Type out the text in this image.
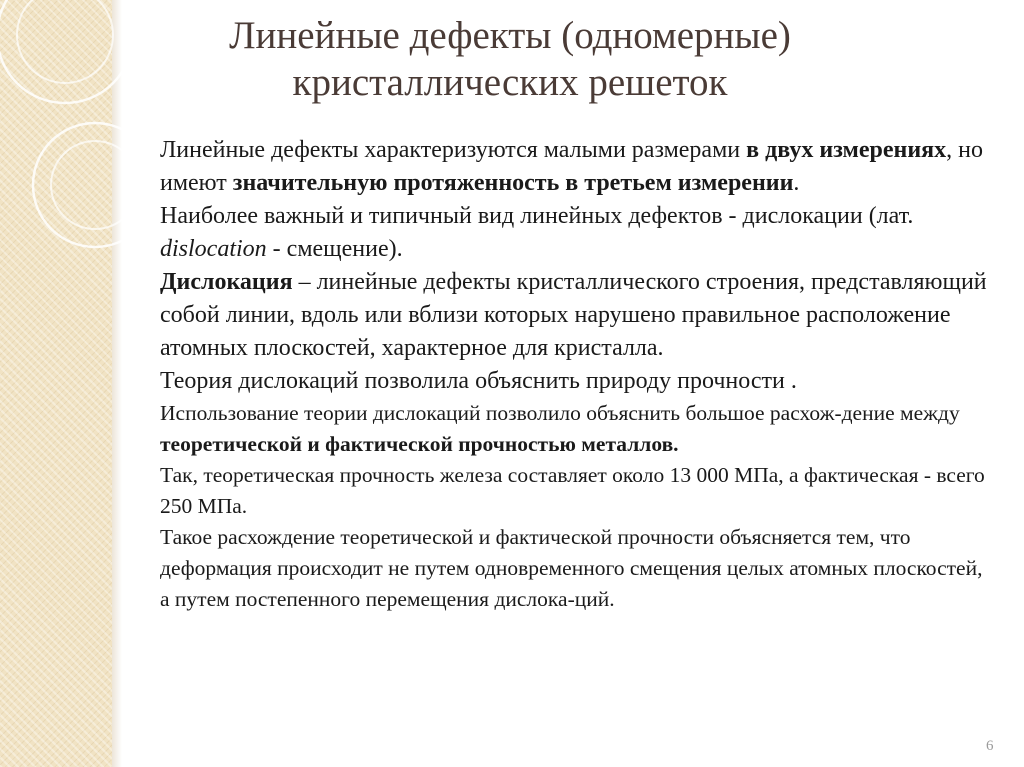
Линейные дефекты (одномерные)
кристаллических решеток

Линейные дефекты характеризуются малыми размерами в двух измерениях, но имеют значительную протяженность в третьем измерении.

Наиболее важный и типичный вид линейных дефектов - дислокации (лат. dislocation - смещение).

Дислокация – линейные дефекты кристаллического строения, представляющий собой линии, вдоль или вблизи которых нарушено правильное расположение атомных плоскостей, характерное для кристалла.

Теория дислокаций позволила объяснить природу прочности .

Использование теории дислокаций позволило объяснить большое расхож-дение между теоретической и фактической прочностью металлов.

Так, теоретическая прочность железа составляет около 13 000 МПа, а фактическая - всего 250 МПа.

Такое расхождение теоретической и фактической прочности объясняется тем, что деформация происходит не путем одновременного смещения целых атомных плоскостей, а путем постепенного перемещения дислока-ций.

6
